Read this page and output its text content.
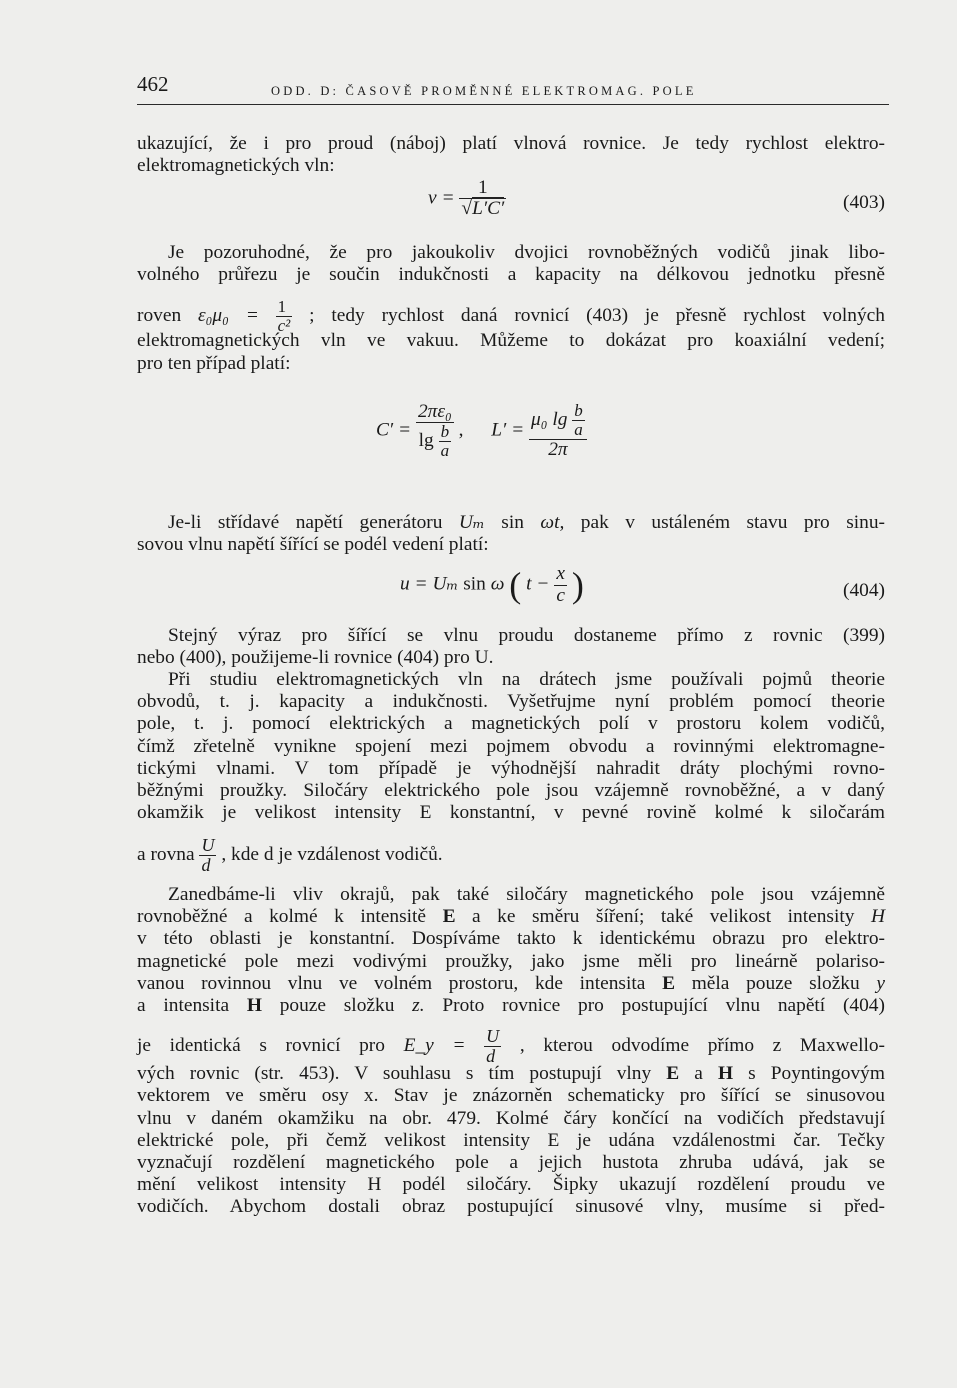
462	ODD. D: ČASOVĚ PROMĚNNÉ ELEKTROMAG. POLE
ukazující, že i pro proud (náboj) platí vlnová rovnice. Je tedy rychlost elektro-
elektromagnetických vln:
$v = \frac{1}{√L'C'}$	(403)

Je pozoruhodné, že pro jakoukoliv dvojici rovnoběžných vodičů jinak libo-

volného průřezu je součin indukčnosti a kapacity na délkovou jednotku přesně
roven $\varepsilon_0\mu_0 = \frac{1}{\text{c²}}$ ; tedy rychlost daná rovnicí (403) je přesně rychlost volných
elektromagnetických vln ve vakuu. Můžeme to dokázat pro koaxiální vedení;
pro ten případ platí:
$C' = \frac{\text{2πε₀}}{\lg \frac{b}{a}}$ , $L' = \frac{\mu_0 \lg \frac{b}{a}}{2\pi}$

Je-li střídavé napětí generátoru Uₘ sin ωt, pak v ustáleném stavu pro sinu-

sovou vlnu napětí šířící se podél vedení platí:
u = Uₘ sin ω ( $t - \frac{x}{c}$ )	(404)

Stejný výraz pro šířící se vlnu proudu dostaneme přímo z rovnic (399)

nebo (400), použijeme-li rovnice (404) pro U.

Při studiu elektromagnetických vln na drátech jsme používali pojmů theorie

obvodů, t. j. kapacity a indukčnosti. Vyšetřujme nyní problém pomocí theorie
pole, t. j. pomocí elektrických a magnetických polí v prostoru kolem vodičů,
čímž zřetelně vynikne spojení mezi pojmem obvodu a rovinnými elektromagne-
tickými vlnami. V tom případě je výhodnější nahradit dráty plochými rovno-
běžnými proužky. Siločáry elektrického pole jsou vzájemně rovnoběžné, a v daný
okamžik je velikost intensity E konstantní, v pevné rovině kolmé k siločarám
a rovna $\frac{U}{d}$ , kde d je vzdálenost vodičů.

Zanedbáme-li vliv okrajů, pak také siločáry magnetického pole jsou vzájemně

rovnoběžné a kolmé k intensitě E a ke směru šíření; také velikost intensity H
v této oblasti je konstantní. Dospíváme takto k identickému obrazu pro elektro-
magnetické pole mezi vodivými proužky, jako jsme měli pro lineárně polariso-
vanou rovinnou vlnu ve volném prostoru, kde intensita E měla pouze složku y
a intensita H pouze složku z. Proto rovnice pro postupující vlnu napětí (404)
je identická s rovnicí pro E_y = $\frac{U}{d}$ , kterou odvodíme přímo z Maxwello-
vých rovnic (str. 453). V souhlasu s tím postupují vlny E a H s Poyntingovým
vektorem ve směru osy x. Stav je znázorněn schematicky pro šířící se sinusovou
vlnu v daném okamžiku na obr. 479. Kolmé čáry končící na vodičích představují
elektrické pole, při čemž velikost intensity E je udána vzdálenostmi čar. Tečky
vyznačují rozdělení magnetického pole a jejich hustota zhruba udává, jak se
mění velikost intensity H podél siločáry. Šipky ukazují rozdělení proudu ve
vodičích. Abychom dostali obraz postupující sinusové vlny, musíme si před-
